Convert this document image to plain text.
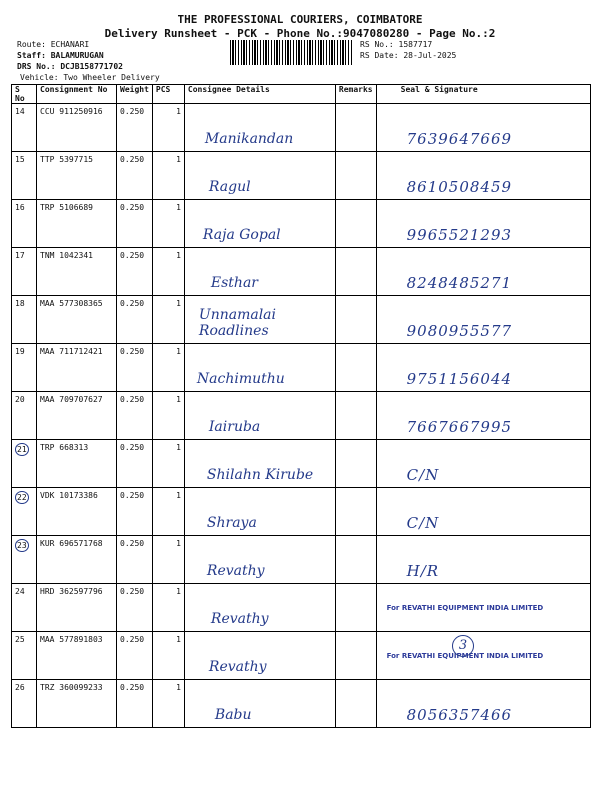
THE PROFESSIONAL COURIERS, COIMBATORE
Delivery Runsheet - PCK - Phone No.:9047080280 - Page No.:2
Route: ECHANARI
Staff: BALAMURUGAN
DRS No.: DCJB158771702
Vehicle: Two Wheeler Delivery
RS No.: 1587717
RS Date: 28-Jul-2025
S No	Consignment No	Weight	PCS	Consignee Details	Remarks	Seal & Signature
14	CCU 911250916	0.250	1	Manikandan		7639647669
15	TTP 5397715	0.250	1	Ragul		8610508459
16	TRP 5106689	0.250	1	Raja Gopal		9965521293
17	TNM 1042341	0.250	1	Esthar		8248485271
18	MAA 577308365	0.250	1	Unnamalai Roadlines		9080955577
19	MAA 711712421	0.250	1	Nachimuthu		9751156044
20	MAA 709707627	0.250	1	Iairuba		7667667995
21	TRP 668313	0.250	1	Shilahn Kirube		C/N
22	VDK 10173386	0.250	1	Shraya		C/N
23	KUR 696571768	0.250	1	Revathy		H/R
24	HRD 362597796	0.250	1	Revathy		For REVATHI EQUIPMENT INDIA LIMITED
25	MAA 577891803	0.250	1	Revathy		For REVATHI EQUIPMENT INDIA LIMITED
26	TRZ 360099233	0.250	1	Babu		8056357466
3
